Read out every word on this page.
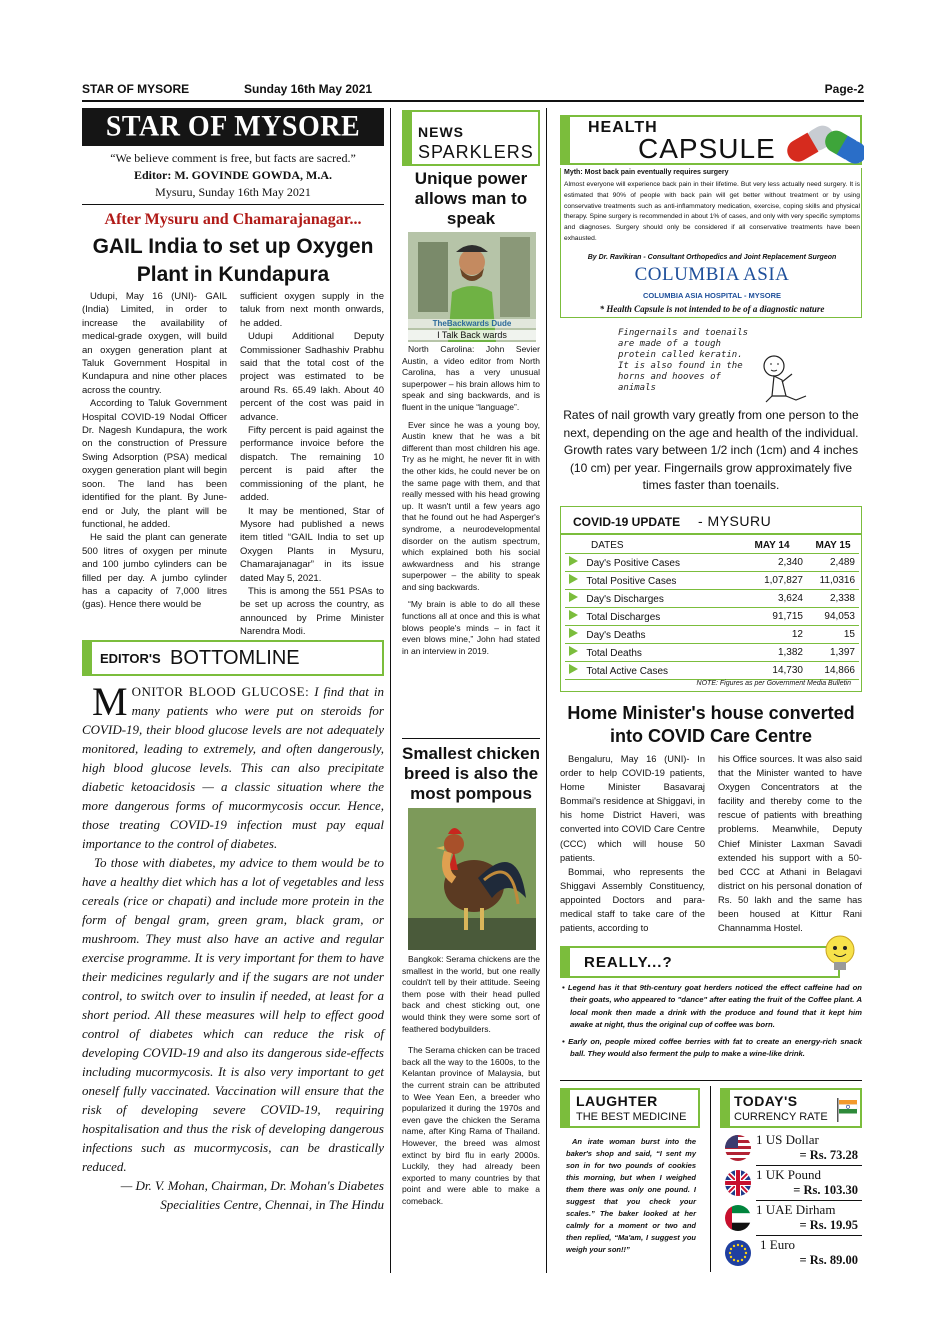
STAR OF MYSORE	Sunday 16th May 2021	Page-2
STAR OF MYSORE
“We believe comment is free, but facts are sacred.”
Editor: M. GOVINDE GOWDA, M.A.
Mysuru, Sunday 16th May 2021
After Mysuru and Chamarajanagar...
GAIL India to set up Oxygen Plant in Kundapura

Udupi, May 16 (UNI)- GAIL (India) Limited, in order to increase the availability of medical-grade oxygen, will build an oxygen generation plant at Taluk Government Hospital in Kundapura and nine other places across the country.

According to Taluk Government Hospital COVID-19 Nodal Officer Dr. Nagesh Kundapura, the work on the construction of Pressure Swing Adsorption (PSA) medical oxygen generation plant will begin soon. The land has been identified for the plant. By June-end or July, the plant will be functional, he added.

He said the plant can generate 500 litres of oxygen per minute and 100 jumbo cylinders can be filled per day. A jumbo cylinder has a capacity of 7,000 litres (gas). Hence there would be

sufficient oxygen supply in the taluk from next month onwards, he added.

Udupi Additional Deputy Commissioner Sadhashiv Prabhu said that the total cost of the project was estimated to be around Rs. 65.49 lakh. About 40 percent of the cost was paid in advance.

Fifty percent is paid against the performance invoice before the dispatch. The remaining 10 percent is paid after the commissioning of the plant, he added.

It may be mentioned, Star of Mysore had published a news item titled “GAIL India to set up Oxygen Plants in Mysuru, Chamarajanagar” in its issue dated May 5, 2021.

This is among the 551 PSAs to be set up across the country, as announced by Prime Minister Narendra Modi.

EDITOR'S BOTTOMLINE

MONITOR BLOOD GLUCOSE: I find that in many patients who were put on steroids for COVID-19, their blood glucose levels are not adequately monitored, leading to extremely, and often dangerously, high blood glucose levels. This can also precipitate diabetic ketoacidosis — a classic situation where the more dangerous forms of mucormycosis occur. Hence, those treating COVID-19 infection must pay equal importance to the control of diabetes.

To those with diabetes, my advice to them would be to have a healthy diet which has a lot of vegetables and less cereals (rice or chapati) and include more protein in the form of bengal gram, green gram, black gram, or mushroom. They must also have an active and regular exercise programme. It is very important for them to have their medicines regularly and if the sugars are not under control, to switch over to insulin if needed, at least for a short period. All these measures will help to effect good control of diabetes which can reduce the risk of developing COVID-19 and also its dangerous side-effects including mucormycosis. It is also very important to get oneself fully vaccinated. Vaccination will ensure that the risk of developing severe COVID-19, requiring hospitalisation and thus the risk of developing dangerous infections such as mucormycosis, can be drastically reduced.

— Dr. V. Mohan, Chairman, Dr. Mohan's Diabetes Specialities Centre, Chennai, in The Hindu

NEWS
SPARKLERS
Unique power allows man to speak
TheBackwards Dude
I Talk Back wards

North Carolina: John Sevier Austin, a video editor from North Carolina, has a very unusual superpower – his brain allows him to speak and sing backwards, and is fluent in the unique “language”.

Ever since he was a young boy, Austin knew that he was a bit different than most children his age. Try as he might, he never fit in with the other kids, he could never be on the same page with them, and that really messed with his head growing up. It wasn't until a few years ago that he found out he had Asperger's syndrome, a neurodevelopmental disorder on the autism spectrum, which explained both his social awkwardness and his strange superpower – the ability to speak and sing backwards.

“My brain is able to do all these functions all at once and this is what blows people's minds – in fact it even blows mine,” John had stated in an interview in 2019.

Smallest chicken breed is also the most pompous

Bangkok: Serama chickens are the smallest in the world, but one really couldn't tell by their attitude. Seeing them pose with their head pulled back and chest sticking out, one would think they were some sort of feathered bodybuilders.

The Serama chicken can be traced back all the way to the 1600s, to the Kelantan province of Malaysia, but the current strain can be attributed to Wee Yean Een, a breeder who popularized it during the 1970s and even gave the chicken the Serama name, after King Rama of Thailand. However, the breed was almost extinct by bird flu in early 2000s. Luckily, they had already been exported to many countries by that point and were able to make a comeback.

HEALTH
CAPSULE
Myth: Most back pain eventually requires surgery
Almost everyone will experience back pain in their lifetime. But very less actually need surgery. It is estimated that 90% of people with back pain will get better without treatment or by using conservative treatments such as anti-inflammatory medication, exercise, coping skills and physical therapy. Spine surgery is recommended in about 1% of cases, and only with very specific symptoms and diagnoses. Surgery should only be considered if all conservative treatments have been exhausted.
By Dr. Ravikiran - Consultant Orthopedics and Joint Replacement Surgeon
COLUMBIA ASIA
COLUMBIA ASIA HOSPITAL - MYSORE
* Health Capsule is not intended to be of a diagnostic nature
Fingernails and toenails are made of a tough protein called keratin. It is also found in the horns and hooves of animals
Rates of nail growth vary greatly from one person to the next, depending on the age and health of the individual. Growth rates vary between 1/2 inch (1cm) and 4 inches (10 cm) per year. Fingernails grow approximately five times faster than toenails.
COVID-19 UPDATE - MYSURU
DATES	MAY 14	MAY 15
Day's Positive Cases	2,340	2,489
Total Positive Cases	1,07,827	11,0316
Day's Discharges	3,624	2,338
Total Discharges	91,715	94,053
Day's Deaths	12	15
Total Deaths	1,382	1,397
Total Active Cases	14,730	14,866
NOTE: Figures as per Government Media Bulletin
Home Minister's house converted into COVID Care Centre

Bengaluru, May 16 (UNI)- In order to help COVID-19 patients, Home Minister Basavaraj Bommai's residence at Shiggavi, in his home District Haveri, was converted into COVID Care Centre (CCC) which will house 50 patients.

Bommai, who represents the Shiggavi Assembly Constituency, appointed Doctors and para-medical staff to take care of the patients, according to

his Office sources. It was also said that the Minister wanted to have Oxygen Concentrators at the facility and thereby come to the rescue of patients with breathing problems. Meanwhile, Deputy Chief Minister Laxman Savadi extended his support with a 50-bed CCC at Athani in Belagavi district on his personal donation of Rs. 50 lakh and the same has been housed at Kittur Rani Channamma Hostel.

REALLY...?
• Legend has it that 9th-century goat herders noticed the effect caffeine had on their goats, who appeared to "dance" after eating the fruit of the Coffee plant. A local monk then made a drink with the produce and found that it kept him awake at night, thus the original cup of coffee was born.
• Early on, people mixed coffee berries with fat to create an energy-rich snack ball. They would also ferment the pulp to make a wine-like drink.
LAUGHTER
THE BEST MEDICINE
An irate woman burst into the baker's shop and said, “I sent my son in for two pounds of cookies this morning, but when I weighed them there was only one pound. I suggest that you check your scales.” The baker looked at her calmly for a moment or two and then replied, “Ma'am, I suggest you weigh your son!!”
TODAY'S
CURRENCY RATE
1 US Dollar
= Rs. 73.28
1 UK Pound
= Rs. 103.30
1 UAE Dirham
= Rs. 19.95
1 Euro
= Rs. 89.00
